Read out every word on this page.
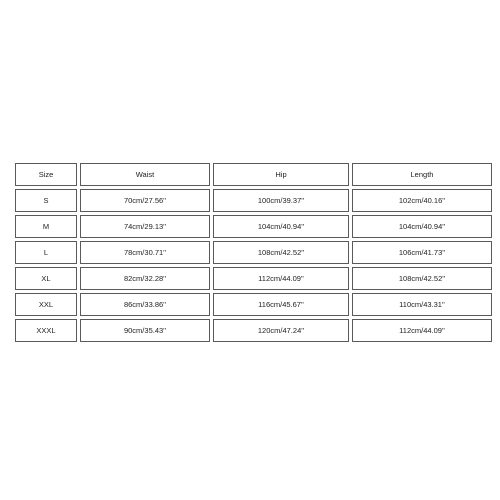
Size	Waist	Hip	Length
S	70cm/27.56''	100cm/39.37''	102cm/40.16''
M	74cm/29.13''	104cm/40.94''	104cm/40.94''
L	78cm/30.71''	108cm/42.52''	106cm/41.73''
XL	82cm/32.28''	112cm/44.09''	108cm/42.52''
XXL	86cm/33.86''	116cm/45.67''	110cm/43.31''
XXXL	90cm/35.43''	120cm/47.24''	112cm/44.09''
